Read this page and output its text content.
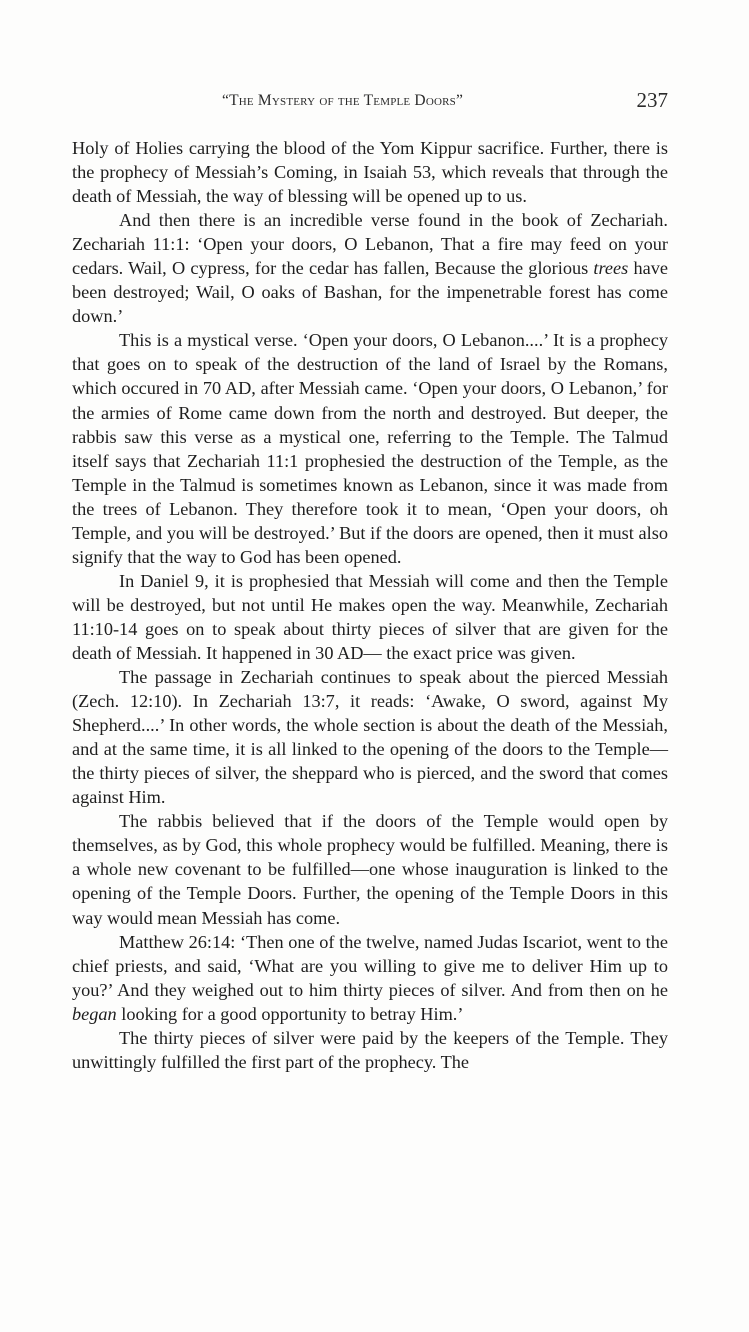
“The Mystery of the Temple Doors”	237

Holy of Holies carrying the blood of the Yom Kippur sacrifice. Further, there is the prophecy of Messiah’s Coming, in Isaiah 53, which reveals that through the death of Messiah, the way of blessing will be opened up to us.

And then there is an incredible verse found in the book of Zechariah. Zechariah 11:1: ‘Open your doors, O Lebanon, That a fire may feed on your cedars. Wail, O cypress, for the cedar has fallen, Because the glorious trees have been destroyed; Wail, O oaks of Bashan, for the impenetrable forest has come down.’

This is a mystical verse. ‘Open your doors, O Lebanon....’ It is a prophecy that goes on to speak of the destruction of the land of Israel by the Romans, which occured in 70 AD, after Messiah came. ‘Open your doors, O Lebanon,’ for the armies of Rome came down from the north and destroyed. But deeper, the rabbis saw this verse as a mystical one, referring to the Temple. The Talmud itself says that Zechariah 11:1 prophesied the destruction of the Temple, as the Temple in the Talmud is sometimes known as Lebanon, since it was made from the trees of Lebanon. They therefore took it to mean, ‘Open your doors, oh Temple, and you will be destroyed.’ But if the doors are opened, then it must also signify that the way to God has been opened.

In Daniel 9, it is prophesied that Messiah will come and then the Temple will be destroyed, but not until He makes open the way. Meanwhile, Zechariah 11:10-14 goes on to speak about thirty pieces of silver that are given for the death of Messiah. It happened in 30 AD— the exact price was given.

The passage in Zechariah continues to speak about the pierced Messiah (Zech. 12:10). In Zechariah 13:7, it reads: ‘Awake, O sword, against My Shepherd....’ In other words, the whole section is about the death of the Messiah, and at the same time, it is all linked to the opening of the doors to the Temple—the thirty pieces of silver, the sheppard who is pierced, and the sword that comes against Him.

The rabbis believed that if the doors of the Temple would open by themselves, as by God, this whole prophecy would be fulfilled. Meaning, there is a whole new covenant to be fulfilled—one whose inauguration is linked to the opening of the Temple Doors. Further, the opening of the Temple Doors in this way would mean Messiah has come.

Matthew 26:14: ‘Then one of the twelve, named Judas Iscariot, went to the chief priests, and said, ‘What are you willing to give me to deliver Him up to you?’ And they weighed out to him thirty pieces of silver. And from then on he began looking for a good opportunity to betray Him.’

The thirty pieces of silver were paid by the keepers of the Temple. They unwittingly fulfilled the first part of the prophecy. The
